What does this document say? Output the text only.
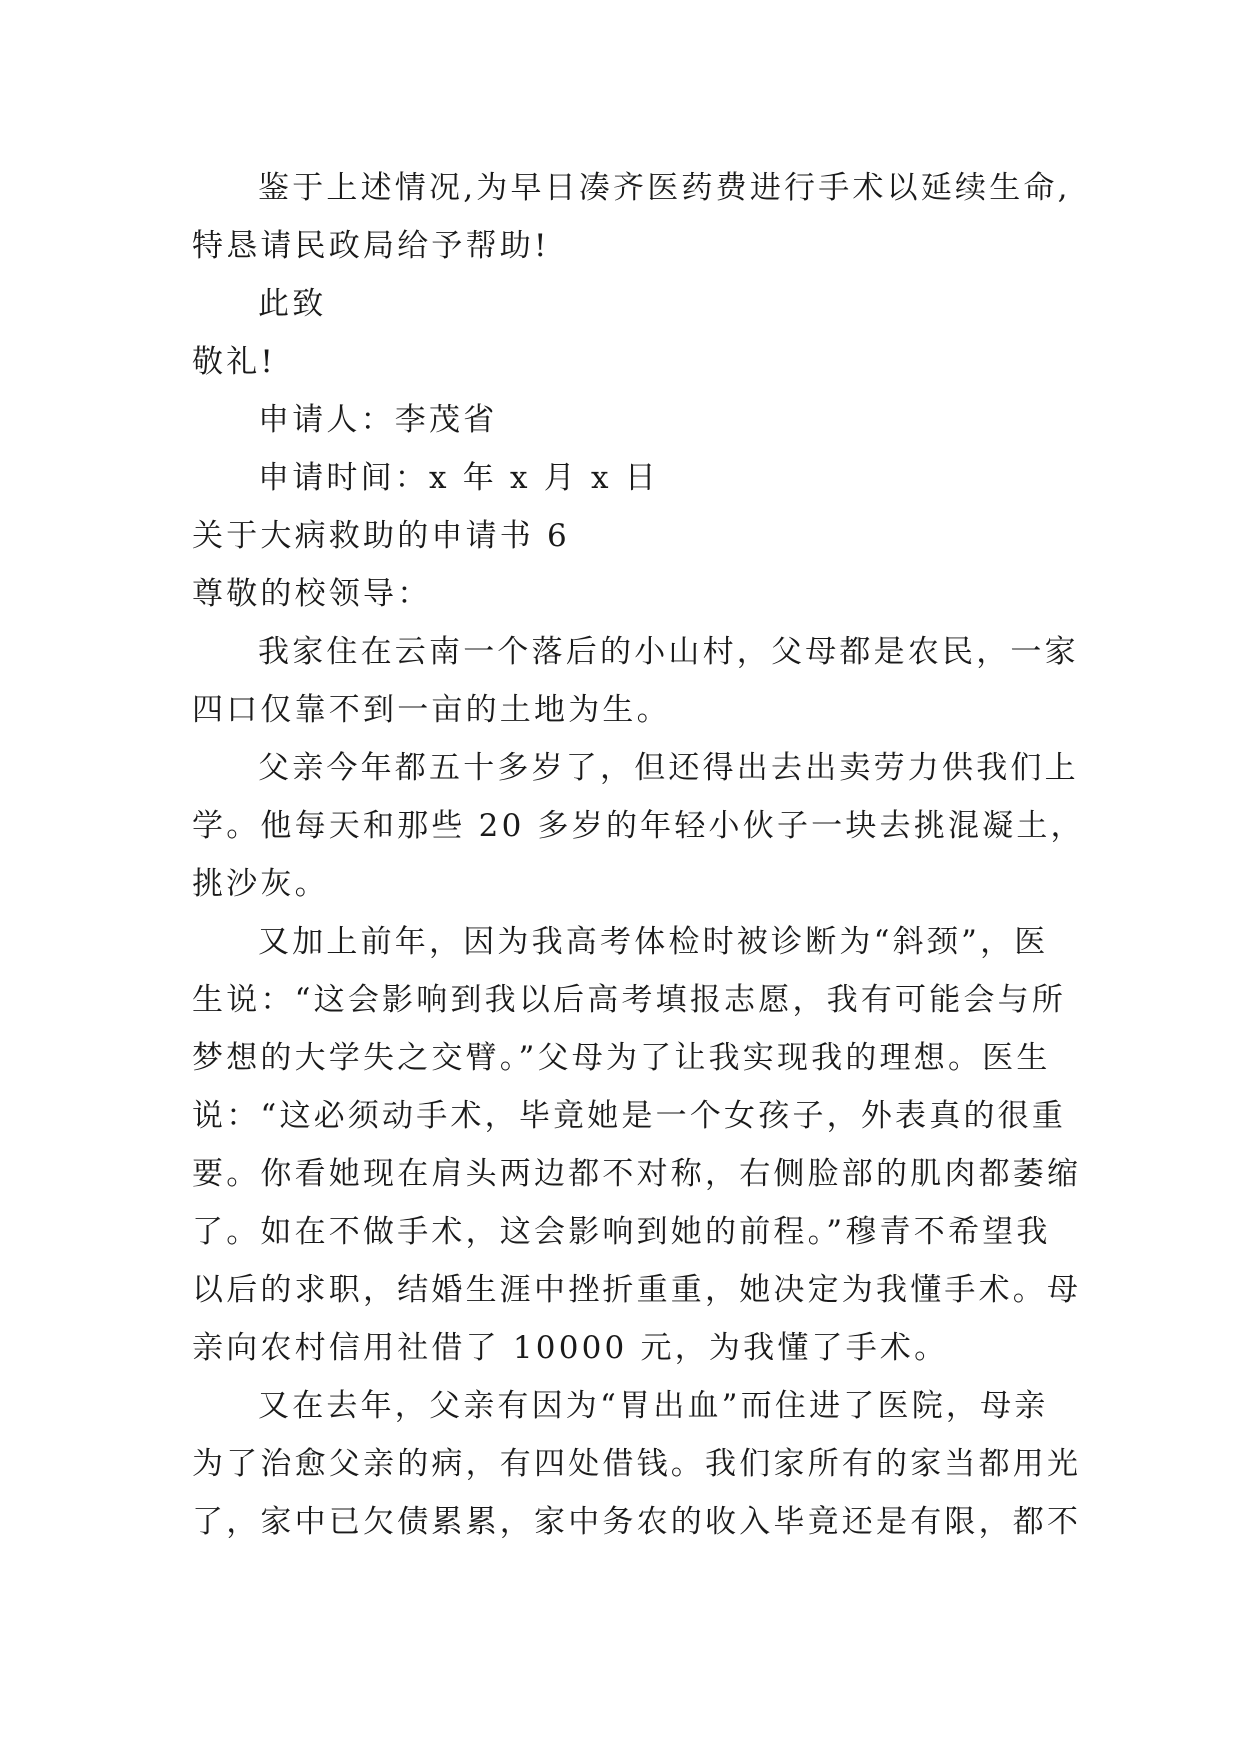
鉴于上述情况,为早日凑齐医药费进行手术以延续生命,
特恳请民政局给予帮助!
此致
敬礼!
申请人：李茂省
申请时间：x 年 x 月 x 日
关于大病救助的申请书 6
尊敬的校领导：
我家住在云南一个落后的小山村，父母都是农民，一家
四口仅靠不到一亩的土地为生。
父亲今年都五十多岁了，但还得出去出卖劳力供我们上
学。他每天和那些 20 多岁的年轻小伙子一块去挑混凝土，
挑沙灰。
又加上前年，因为我高考体检时被诊断为“斜颈”，医
生说：“这会影响到我以后高考填报志愿，我有可能会与所
梦想的大学失之交臂。”父母为了让我实现我的理想。医生
说：“这必须动手术，毕竟她是一个女孩子，外表真的很重
要。你看她现在肩头两边都不对称，右侧脸部的肌肉都萎缩
了。如在不做手术，这会影响到她的前程。”穆青不希望我
以后的求职，结婚生涯中挫折重重，她决定为我懂手术。母
亲向农村信用社借了 10000 元，为我懂了手术。
又在去年，父亲有因为“胃出血”而住进了医院，母亲
为了治愈父亲的病，有四处借钱。我们家所有的家当都用光
了，家中已欠债累累，家中务农的收入毕竟还是有限，都不
